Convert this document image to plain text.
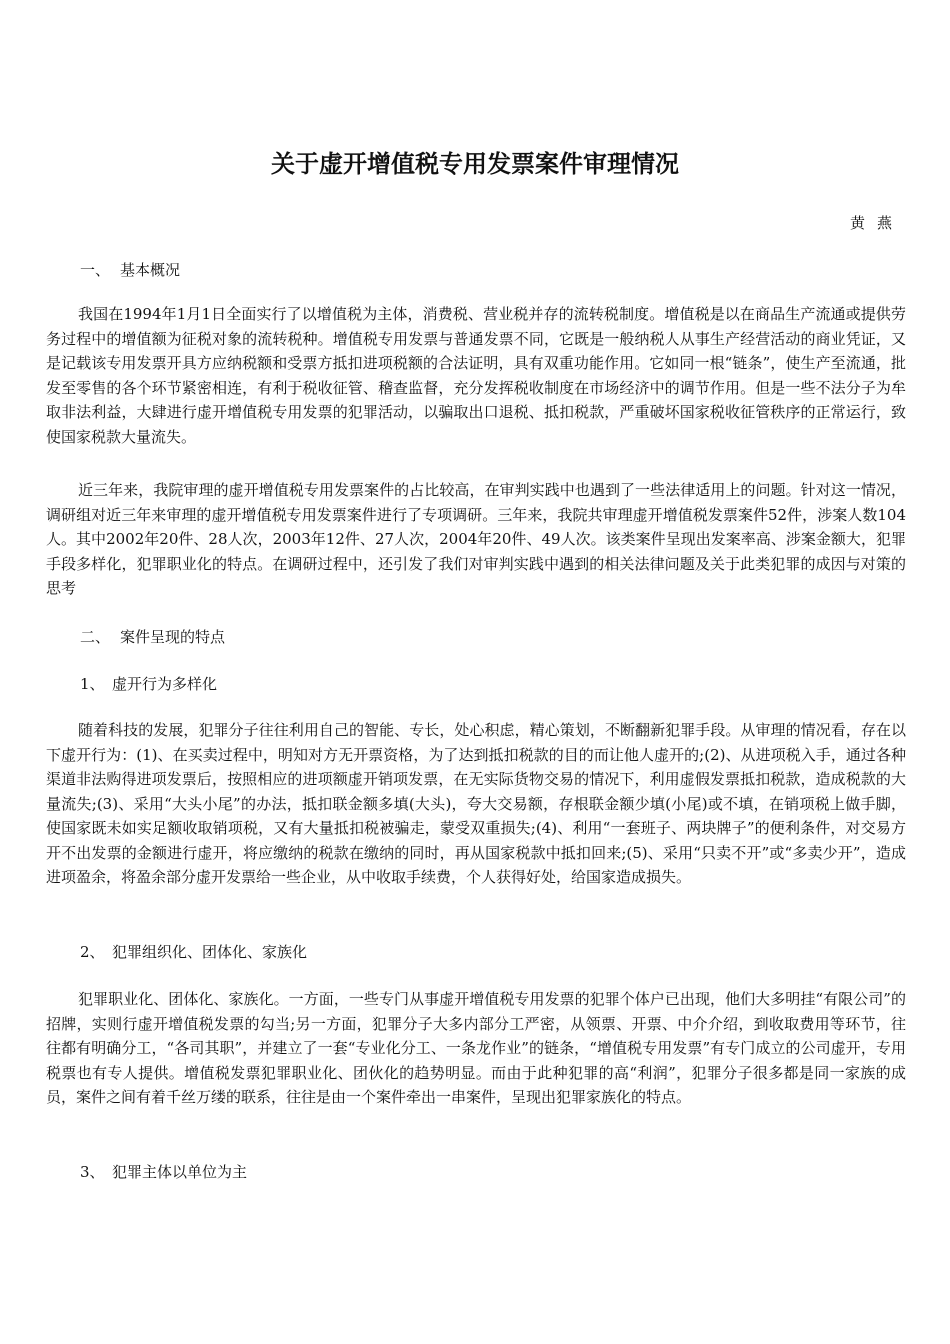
关于虚开增值税专用发票案件审理情况
黄燕
一、 基本概况
我国在1994年1月1日全面实行了以增值税为主体，消费税、营业税并存的流转税制度。增值税是以在商品生产流通或提供劳务过程中的增值额为征税对象的流转税种。增值税专用发票与普通发票不同，它既是一般纳税人从事生产经营活动的商业凭证，又是记载该专用发票开具方应纳税额和受票方抵扣进项税额的合法证明，具有双重功能作用。它如同一根“链条”，使生产至流通，批发至零售的各个环节紧密相连，有利于税收征管、稽查监督，充分发挥税收制度在市场经济中的调节作用。但是一些不法分子为牟取非法利益，大肆进行虚开增值税专用发票的犯罪活动，以骗取出口退税、抵扣税款，严重破坏国家税收征管秩序的正常运行，致使国家税款大量流失。
近三年来，我院审理的虚开增值税专用发票案件的占比较高，在审判实践中也遇到了一些法律适用上的问题。针对这一情况，调研组对近三年来审理的虚开增值税专用发票案件进行了专项调研。三年来，我院共审理虚开增值税发票案件52件，涉案人数104人。其中2002年20件、28人次，2003年12件、27人次，2004年20件、49人次。该类案件呈现出发案率高、涉案金额大，犯罪手段多样化，犯罪职业化的特点。在调研过程中，还引发了我们对审判实践中遇到的相关法律问题及关于此类犯罪的成因与对策的思考
二、 案件呈现的特点
1、 虚开行为多样化
随着科技的发展，犯罪分子往往利用自己的智能、专长，处心积虑，精心策划，不断翻新犯罪手段。从审理的情况看，存在以下虚开行为：(1)、在买卖过程中，明知对方无开票资格，为了达到抵扣税款的目的而让他人虚开的;(2)、从进项税入手，通过各种渠道非法购得进项发票后，按照相应的进项额虚开销项发票，在无实际货物交易的情况下，利用虚假发票抵扣税款，造成税款的大量流失;(3)、采用“大头小尾”的办法，抵扣联金额多填(大头)，夸大交易额，存根联金额少填(小尾)或不填，在销项税上做手脚，使国家既未如实足额收取销项税，又有大量抵扣税被骗走，蒙受双重损失;(4)、利用“一套班子、两块牌子”的便利条件，对交易方开不出发票的金额进行虚开，将应缴纳的税款在缴纳的同时，再从国家税款中抵扣回来;(5)、采用“只卖不开”或“多卖少开”，造成进项盈余，将盈余部分虚开发票给一些企业，从中收取手续费，个人获得好处，给国家造成损失。
2、 犯罪组织化、团体化、家族化
犯罪职业化、团体化、家族化。一方面，一些专门从事虚开增值税专用发票的犯罪个体户已出现，他们大多明挂“有限公司”的招牌，实则行虚开增值税发票的勾当;另一方面，犯罪分子大多内部分工严密，从领票、开票、中介介绍，到收取费用等环节，往往都有明确分工，“各司其职”，并建立了一套“专业化分工、一条龙作业”的链条，“增值税专用发票”有专门成立的公司虚开，专用税票也有专人提供。增值税发票犯罪职业化、团伙化的趋势明显。而由于此种犯罪的高“利润”，犯罪分子很多都是同一家族的成员，案件之间有着千丝万缕的联系，往往是由一个案件牵出一串案件，呈现出犯罪家族化的特点。
3、 犯罪主体以单位为主
